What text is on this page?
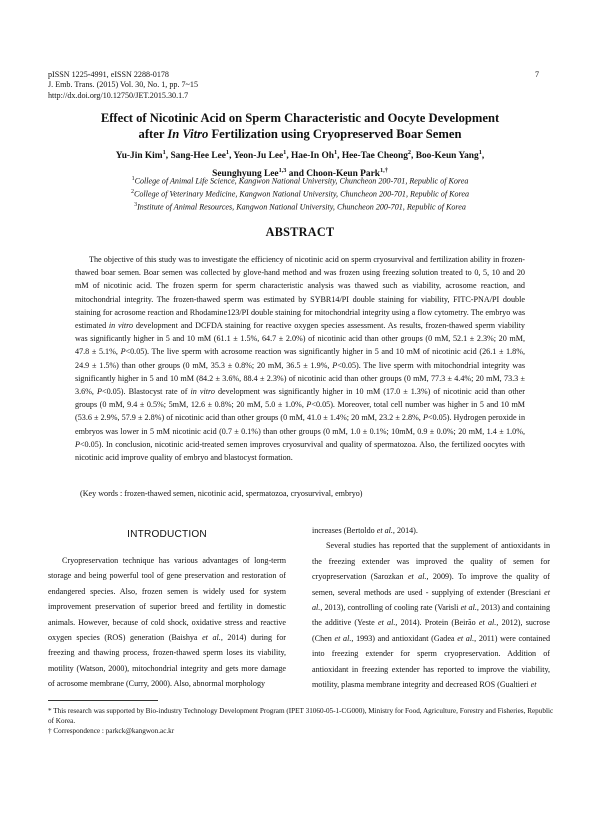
pISSN 1225-4991, eISSN 2288-0178
J. Emb. Trans. (2015) Vol. 30, No. 1, pp. 7~15
http://dx.doi.org/10.12750/JET.2015.30.1.7
7
Effect of Nicotinic Acid on Sperm Characteristic and Oocyte Development
after In Vitro Fertilization using Cryopreserved Boar Semen
Yu-Jin Kim$^1$, Sang-Hee Lee$^1$, Yeon-Ju Lee$^1$, Hae-In Oh$^1$, Hee-Tae Cheong$^2$, Boo-Keun Yang$^1$,
Seunghyung Lee$^{1,3}$ and Choon-Keun Park$^{1,\dagger}$
$^1$College of Animal Life Science, Kangwon National University, Chuncheon 200-701, Republic of Korea
$^2$College of Veterinary Medicine, Kangwon National University, Chuncheon 200-701, Republic of Korea
$^3$Institute of Animal Resources, Kangwon National University, Chuncheon 200-701, Republic of Korea
ABSTRACT

The objective of this study was to investigate the efficiency of nicotinic acid on sperm cryosurvival and fertilization ability in frozen-thawed boar semen. Boar semen was collected by glove-hand method and was frozen using freezing solution treated to 0, 5, 10 and 20 mM of nicotinic acid. The frozen sperm for sperm characteristic analysis was thawed such as viability, acrosome reaction, and mitochondrial integrity. The frozen-thawed sperm was estimated by SYBR14/PI double staining for viability, FITC-PNA/PI double staining for acrosome reaction and Rhodamine123/PI double staining for mitochondrial integrity using a flow cytometry. The embryo was estimated in vitro development and DCFDA staining for reactive oxygen species assessment. As results, frozen-thawed sperm viability was significantly higher in 5 and 10 mM (61.1 ± 1.5%, 64.7 ± 2.0%) of nicotinic acid than other groups (0 mM, 52.1 ± 2.3%; 20 mM, 47.8 ± 5.1%, P<0.05). The live sperm with acrosome reaction was significantly higher in 5 and 10 mM of nicotinic acid (26.1 ± 1.8%, 24.9 ± 1.5%) than other groups (0 mM, 35.3 ± 0.8%; 20 mM, 36.5 ± 1.9%, P<0.05). The live sperm with mitochondrial integrity was significantly higher in 5 and 10 mM (84.2 ± 3.6%, 88.4 ± 2.3%) of nicotinic acid than other groups (0 mM, 77.3 ± 4.4%; 20 mM, 73.3 ± 3.6%, P<0.05). Blastocyst rate of in vitro development was significantly higher in 10 mM (17.0 ± 1.3%) of nicotinic acid than other groups (0 mM, 9.4 ± 0.5%; 5mM, 12.6 ± 0.8%; 20 mM, 5.0 ± 1.0%, P<0.05). Moreover, total cell number was higher in 5 and 10 mM (53.6 ± 2.9%, 57.9 ± 2.8%) of nicotinic acid than other groups (0 mM, 41.0 ± 1.4%; 20 mM, 23.2 ± 2.8%, P<0.05). Hydrogen peroxide in embryos was lower in 5 mM nicotinic acid (0.7 ± 0.1%) than other groups (0 mM, 1.0 ± 0.1%; 10mM, 0.9 ± 0.0%; 20 mM, 1.4 ± 1.0%, P<0.05). In conclusion, nicotinic acid-treated semen improves cryosurvival and quality of spermatozoa. Also, the fertilized oocytes with nicotinic acid improve quality of embryo and blastocyst formation.

(Key words : frozen-thawed semen, nicotinic acid, spermatozoa, cryosurvival, embryo)
INTRODUCTION

Cryopreservation technique has various advantages of long-term storage and being powerful tool of gene preservation and restoration of endangered species. Also, frozen semen is widely used for system improvement preservation of superior breed and fertility in domestic animals. However, because of cold shock, oxidative stress and reactive oxygen species (ROS) generation (Baishya et al., 2014) during for freezing and thawing process, frozen-thawed sperm loses its viability, motility (Watson, 2000), mitochondrial integrity and gets more damage of acrosome membrane (Curry, 2000). Also, abnormal morphology

increases (Bertoldo et al., 2014).
Several studies has reported that the supplement of antioxidants in the freezing extender was improved the quality of semen for cryopreservation (Sarozkan et al., 2009). To improve the quality of semen, several methods are used - supplying of extender (Bresciani et al., 2013), controlling of cooling rate (Varisli et al., 2013) and containing the additive (Yeste et al., 2014). Protein (Beirão et al., 2012), sucrose (Chen et al., 1993) and antioxidant (Gadea et al., 2011) were contained into freezing extender for sperm cryopreservation. Addition of antioxidant in freezing extender has reported to improve the viability, motility, plasma membrane integrity and decreased ROS (Gualtieri et

* This research was supported by Bio-industry Technology Development Program (IPET 31060-05-1-CG000), Ministry for Food, Agriculture, Forestry and Fisheries, Republic of Korea.

† Correspondence : parkck@kangwon.ac.kr
